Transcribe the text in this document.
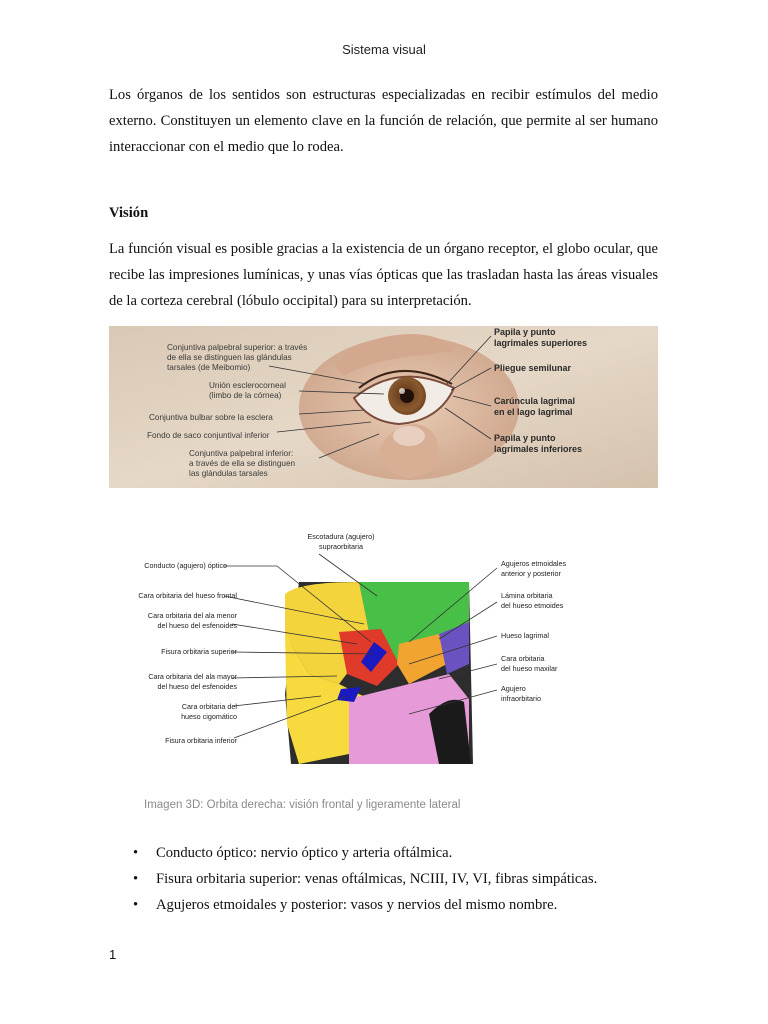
Sistema visual

Los órganos de los sentidos son estructuras especializadas en recibir estímulos del medio externo. Constituyen un elemento clave en la función de relación, que permite al ser humano interaccionar con el medio que lo rodea.

Visión

La función visual es posible gracias a la existencia de un órgano receptor, el globo ocular, que recibe las impresiones lumínicas, y unas vías ópticas que las trasladan hasta las áreas visuales de la corteza cerebral (lóbulo occipital) para su interpretación.

Conjuntiva palpebral superior: a través
de ella se distinguen las glándulas
tarsales (de Meibomio)
Unión esclerocorneal
(limbo de la córnea)
Conjuntiva bulbar sobre la esclera
Fondo de saco conjuntival inferior
Conjuntiva palpebral inferior:
a través de ella se distinguen
las glándulas tarsales
Papila y punto
lagrimales superiores
Pliegue semilunar
Carúncula lagrimal
en el lago lagrimal
Papila y punto
lagrimales inferiores
Escotadura (agujero)
supraorbitaria
Conducto (agujero) óptico
Cara orbitaria del hueso frontal
Cara orbitaria del ala menor
del hueso del esfenoides
Fisura orbitaria superior
Cara orbitaria del ala mayor
del hueso del esfenoides
Cara orbitaria del
hueso cigomático
Fisura orbitaria inferior
Agujeros etmoidales
anterior y posterior
Lámina orbitaria
del hueso etmoides
Hueso lagrimal
Cara orbitaria
del hueso maxilar
Agujero
infraorbitario
Imagen 3D: Orbita derecha: visión frontal y ligeramente lateral
• Conducto óptico: nervio óptico y arteria oftálmica.
• Fisura orbitaria superior: venas oftálmicas, NCIII, IV, VI, fibras simpáticas.
• Agujeros etmoidales y posterior: vasos y nervios del mismo nombre.
1
